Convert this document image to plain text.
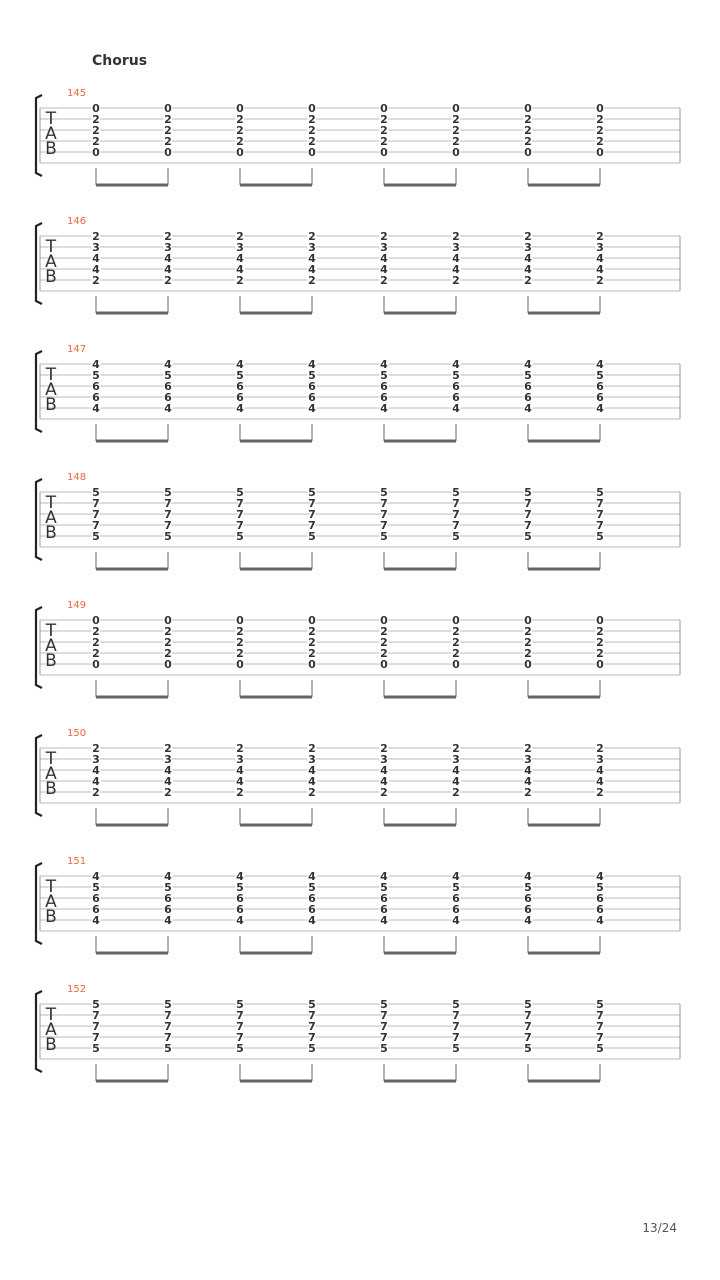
Chorus
T
A
B
145
0
2
2
2
0
0
2
2
2
0
0
2
2
2
0
0
2
2
2
0
0
2
2
2
0
0
2
2
2
0
0
2
2
2
0
0
2
2
2
0
T
A
B
146
2
3
4
4
2
2
3
4
4
2
2
3
4
4
2
2
3
4
4
2
2
3
4
4
2
2
3
4
4
2
2
3
4
4
2
2
3
4
4
2
T
A
B
147
4
5
6
6
4
4
5
6
6
4
4
5
6
6
4
4
5
6
6
4
4
5
6
6
4
4
5
6
6
4
4
5
6
6
4
4
5
6
6
4
T
A
B
148
5
7
7
7
5
5
7
7
7
5
5
7
7
7
5
5
7
7
7
5
5
7
7
7
5
5
7
7
7
5
5
7
7
7
5
5
7
7
7
5
T
A
B
149
0
2
2
2
0
0
2
2
2
0
0
2
2
2
0
0
2
2
2
0
0
2
2
2
0
0
2
2
2
0
0
2
2
2
0
0
2
2
2
0
T
A
B
150
2
3
4
4
2
2
3
4
4
2
2
3
4
4
2
2
3
4
4
2
2
3
4
4
2
2
3
4
4
2
2
3
4
4
2
2
3
4
4
2
T
A
B
151
4
5
6
6
4
4
5
6
6
4
4
5
6
6
4
4
5
6
6
4
4
5
6
6
4
4
5
6
6
4
4
5
6
6
4
4
5
6
6
4
T
A
B
152
5
7
7
7
5
5
7
7
7
5
5
7
7
7
5
5
7
7
7
5
5
7
7
7
5
5
7
7
7
5
5
7
7
7
5
5
7
7
7
5
13/24
